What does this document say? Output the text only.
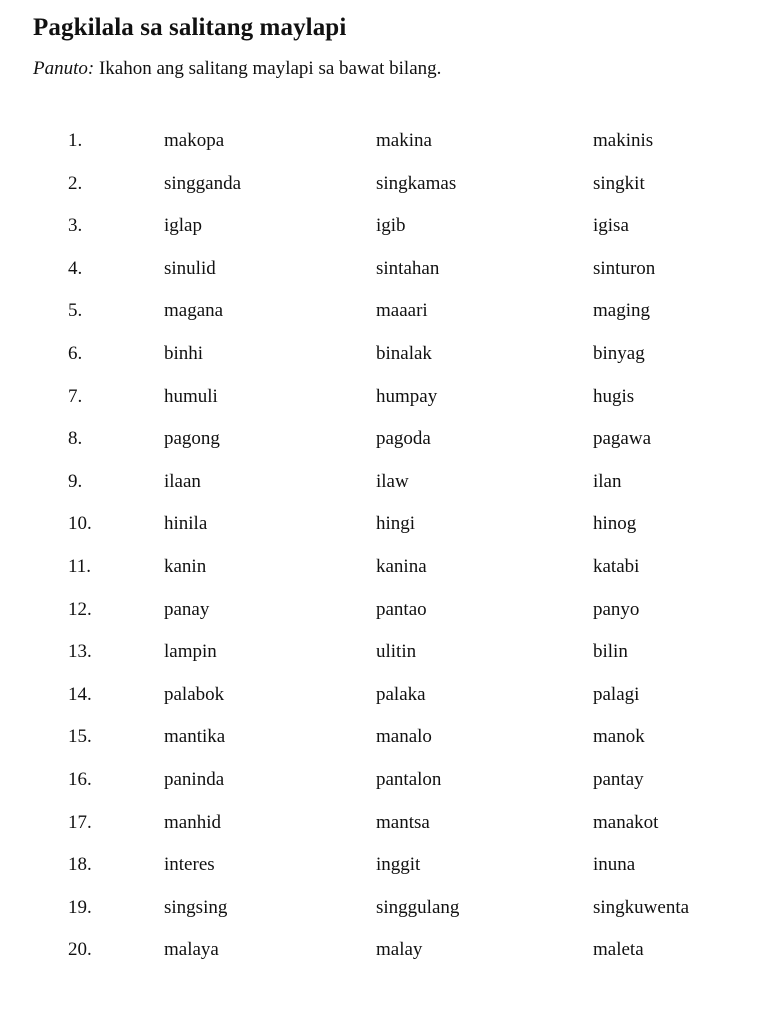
Pagkilala sa salitang maylapi

Panuto: Ikahon ang salitang maylapi sa bawat bilang.

1.	makopa	makina	makinis
2.	singganda	singkamas	singkit
3.	iglap	igib	igisa
4.	sinulid	sintahan	sinturon
5.	magana	maaari	maging
6.	binhi	binalak	binyag
7.	humuli	humpay	hugis
8.	pagong	pagoda	pagawa
9.	ilaan	ilaw	ilan
10.	hinila	hingi	hinog
11.	kanin	kanina	katabi
12.	panay	pantao	panyo
13.	lampin	ulitin	bilin
14.	palabok	palaka	palagi
15.	mantika	manalo	manok
16.	paninda	pantalon	pantay
17.	manhid	mantsa	manakot
18.	interes	inggit	inuna
19.	singsing	singgulang	singkuwenta
20.	malaya	malay	maleta
